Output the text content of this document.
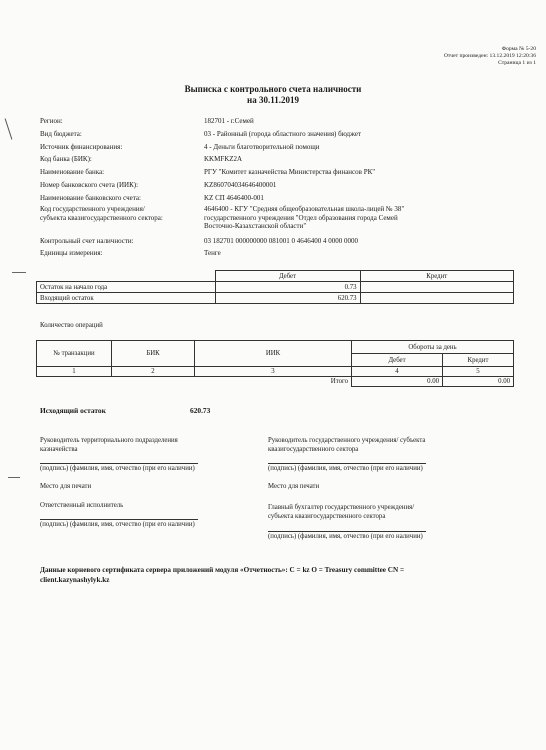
Форма № 5-20
Отчет произведен: 13.12.2019 12:20:36
Страница 1 из 1
Выписка с контрольного счета наличности
на 30.11.2019
Регион:	182701 - г.Семей
Вид бюджета:	03 - Районный (города областного значения) бюджет
Источник финансирования:	4 - Деньги благотворительной помощи
Код банка (БИК):	KKMFKZ2A
Наименование банка:	РГУ "Комитет казначейства Министерства финансов РК"
Номер банковского счета (ИИК):	KZ860704034646400001
Наименование банковского счета:	KZ СП 4646400-001
Код государственного учреждения/
субъекта квазигосударственного сектора:
4646400 - КГУ "Средняя общеобразовательная школа-лицей № 38"
государственного учреждения "Отдел образования города Семей
Восточно-Казахстанской области"
Контрольный счет наличности:	03 182701 000000000 081001 0 4646400 4 0000 0000
Единицы измерения:	Тенге
	Дебет	Кредит
Остаток на начало года	0.73	
Входящий остаток	620.73	
Количество операций
№ транзакции	БИК	ИИК	Обороты за день	
			Дебет	Кредит
1	2	3	4	5
		Итого	0.00	0.00
Исходящий остаток	620.73
Руководитель территориального подразделения
казначейства
(подпись) (фамилия, имя, отчество (при его наличии)
Место для печати
Ответственный исполнитель
(подпись) (фамилия, имя, отчество (при его наличии)
Руководитель государственного учреждения/ субъекта
квазигосударственного сектора
(подпись) (фамилия, имя, отчество (при его наличии)
Место для печати
Главный бухгалтер государственного учреждения/
субъекта квазигосударственного сектора
(подпись) (фамилия, имя, отчество (при его наличии)
Данные корневого сертификата сервера приложений модуля «Отчетность»: C = kz O = Treasury committee CN =
client.kazynashylyk.kz
